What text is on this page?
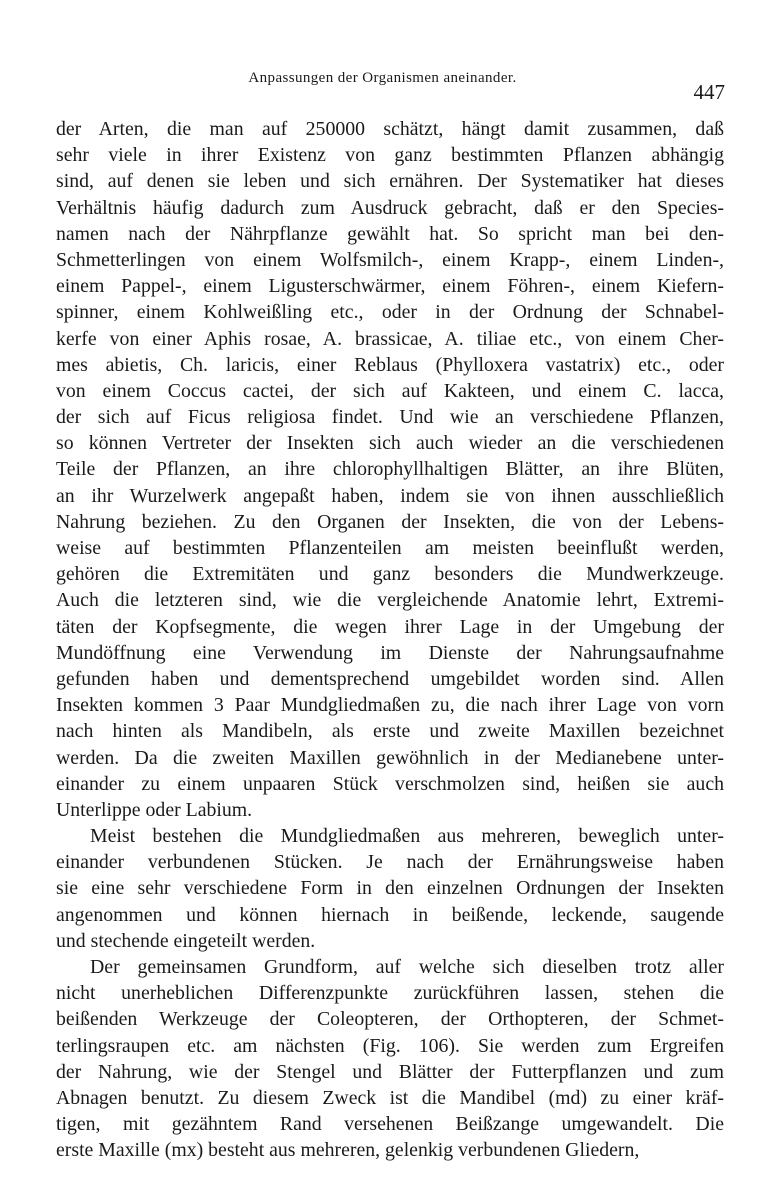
Anpassungen der Organismen aneinander.
447
der Arten, die man auf 250000 schätzt, hängt damit zusammen, daß
sehr viele in ihrer Existenz von ganz bestimmten Pflanzen abhängig
sind, auf denen sie leben und sich ernähren. Der Systematiker hat dieses
Verhältnis häufig dadurch zum Ausdruck gebracht, daß er den Species-
namen nach der Nährpflanze gewählt hat. So spricht man bei den-
Schmetterlingen von einem Wolfsmilch-, einem Krapp-, einem Linden-,
einem Pappel-, einem Ligusterschwärmer, einem Föhren-, einem Kiefern-
spinner, einem Kohlweißling etc., oder in der Ordnung der Schnabel-
kerfe von einer Aphis rosae, A. brassicae, A. tiliae etc., von einem Cher-
mes abietis, Ch. laricis, einer Reblaus (Phylloxera vastatrix) etc., oder
von einem Coccus cactei, der sich auf Kakteen, und einem C. lacca,
der sich auf Ficus religiosa findet. Und wie an verschiedene Pflanzen,
so können Vertreter der Insekten sich auch wieder an die verschiedenen
Teile der Pflanzen, an ihre chlorophyllhaltigen Blätter, an ihre Blüten,
an ihr Wurzelwerk angepaßt haben, indem sie von ihnen ausschließlich
Nahrung beziehen. Zu den Organen der Insekten, die von der Lebens-
weise auf bestimmten Pflanzenteilen am meisten beeinflußt werden,
gehören die Extremitäten und ganz besonders die Mundwerkzeuge.
Auch die letzteren sind, wie die vergleichende Anatomie lehrt, Extremi-
täten der Kopfsegmente, die wegen ihrer Lage in der Umgebung der
Mundöffnung eine Verwendung im Dienste der Nahrungsaufnahme
gefunden haben und dementsprechend umgebildet worden sind. Allen
Insekten kommen 3 Paar Mundgliedmaßen zu, die nach ihrer Lage von vorn
nach hinten als Mandibeln, als erste und zweite Maxillen bezeichnet
werden. Da die zweiten Maxillen gewöhnlich in der Medianebene unter-
einander zu einem unpaaren Stück verschmolzen sind, heißen sie auch
Unterlippe oder Labium.
Meist bestehen die Mundgliedmaßen aus mehreren, beweglich unter-
einander verbundenen Stücken. Je nach der Ernährungsweise haben
sie eine sehr verschiedene Form in den einzelnen Ordnungen der Insekten
angenommen und können hiernach in beißende, leckende, saugende
und stechende eingeteilt werden.
Der gemeinsamen Grundform, auf welche sich dieselben trotz aller
nicht unerheblichen Differenzpunkte zurückführen lassen, stehen die
beißenden Werkzeuge der Coleopteren, der Orthopteren, der Schmet-
terlingsraupen etc. am nächsten (Fig. 106). Sie werden zum Ergreifen
der Nahrung, wie der Stengel und Blätter der Futterpflanzen und zum
Abnagen benutzt. Zu diesem Zweck ist die Mandibel (md) zu einer kräf-
tigen, mit gezähntem Rand versehenen Beißzange umgewandelt. Die
erste Maxille (mx) besteht aus mehreren, gelenkig verbundenen Gliedern,
